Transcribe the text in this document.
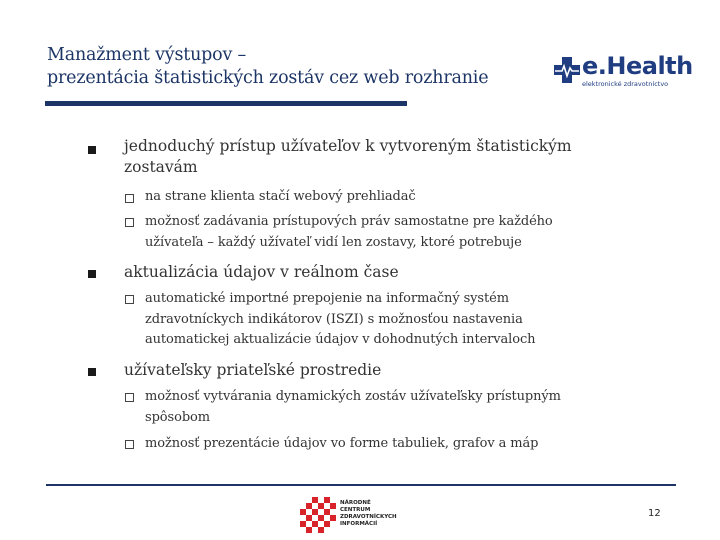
Manažment výstupov –
prezentácia štatistických zostáv cez web rozhranie	e.Health
elektronické zdravotníctvo
jednoduchý prístup užívateľov k vytvoreným štatistickým
zostavám
na strane klienta stačí webový prehliadač
možnosť zadávania prístupových práv samostatne pre každého
užívateľa – každý užívateľ vidí len zostavy, ktoré potrebuje
aktualizácia údajov v reálnom čase
automatické importné prepojenie na informačný systém
zdravotníckych indikátorov (ISZI) s možnosťou nastavenia
automatickej aktualizácie údajov v dohodnutých intervaloch
užívateľsky priateľské prostredie
možnosť vytvárania dynamických zostáv užívateľsky prístupným
spôsobom
možnosť prezentácie údajov vo forme tabuliek, grafov a máp
NÁRODNÉ
CENTRUM
ZDRAVOTNÍCKYCH
INFORMÁCIÍ
12
